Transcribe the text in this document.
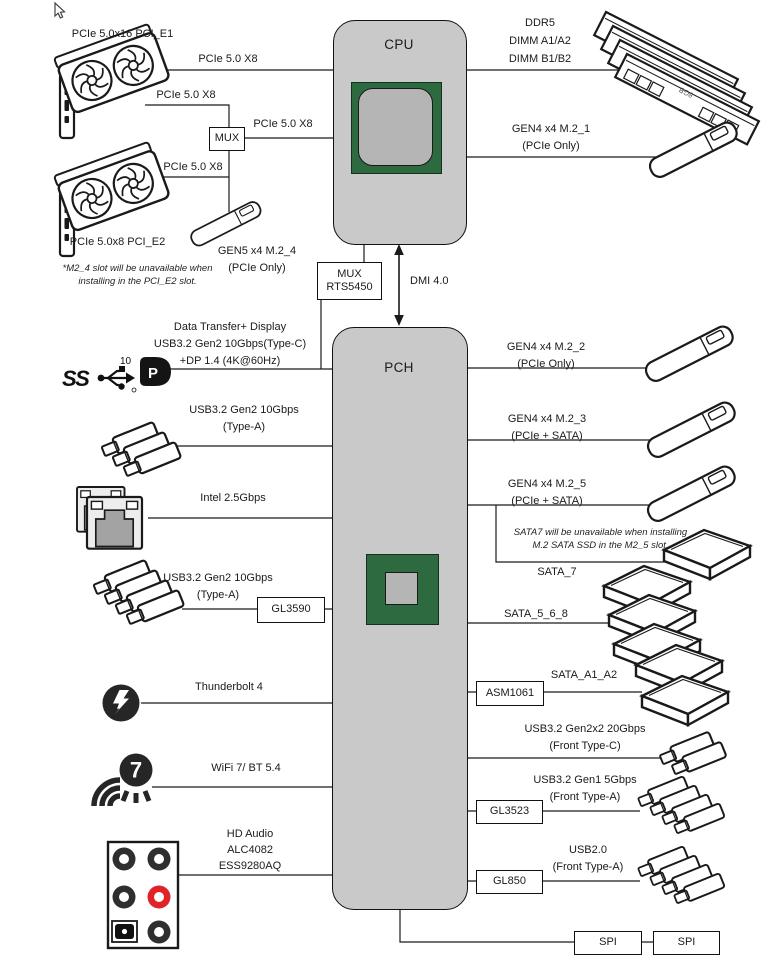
8GB
SS
10
P
7
CPU
PCH
MUX
MUX
RTS5450
GL3590
ASM1061
GL3523
GL850
SPI	SPI
PCIe 5.0x16 PCI_E1
PCIe 5.0 X8
PCIe 5.0 X8
PCIe 5.0 X8
PCIe 5.0 X8
PCIe 5.0x8 PCI_E2
GEN5 x4 M.2_4
(PCIe Only)
*M2_4 slot will be unavailable when
installing in the PCI_E2 slot.	DMI 4.0
DDR5
DIMM A1/A2
DIMM B1/B2
GEN4 x4 M.2_1
(PCIe Only)
Data Transfer+ Display
USB3.2 Gen2 10Gbps(Type-C)
+DP 1.4 (4K@60Hz)
USB3.2 Gen2 10Gbps
(Type-A)
Intel 2.5Gbps
GEN4 x4 M.2_2
(PCIe Only)
GEN4 x4 M.2_3
(PCIe + SATA)
GEN4 x4 M.2_5
(PCIe + SATA)
SATA7 will be unavailable when installing
M.2 SATA SSD in the M2_5 slot.
SATA_7
USB3.2 Gen2 10Gbps
(Type-A)
SATA_5_6_8
SATA_A1_A2
Thunderbolt 4
USB3.2 Gen2x2 20Gbps
(Front Type-C)
WiFi 7/ BT 5.4
USB3.2 Gen1 5Gbps
(Front Type-A)
HD Audio
ALC4082
ESS9280AQ
USB2.0
(Front Type-A)
